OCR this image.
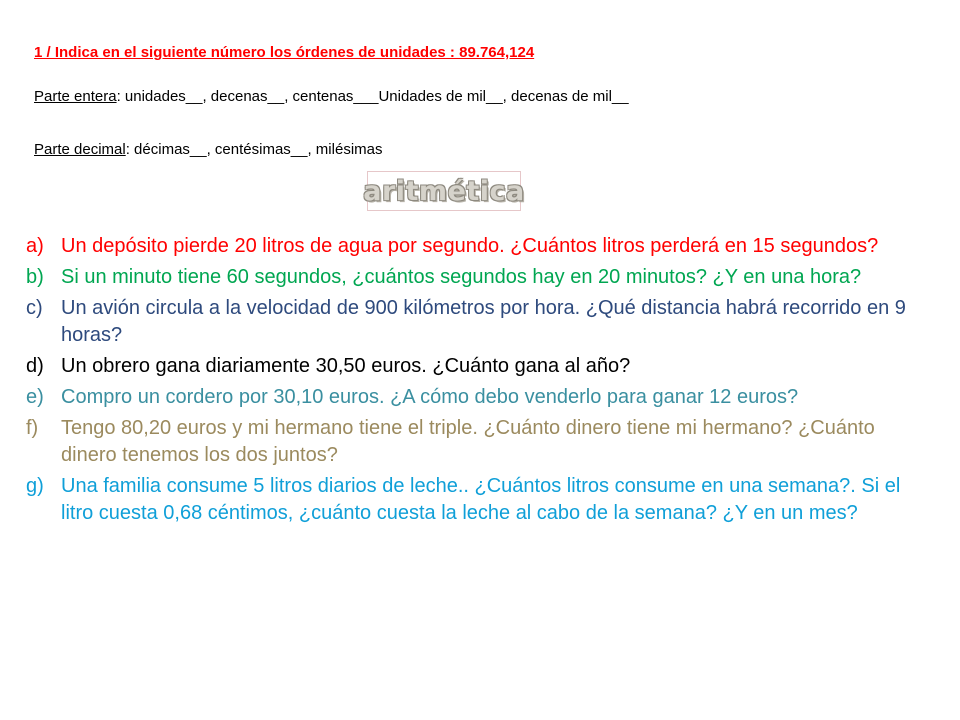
1 / Indica en el siguiente número los órdenes de unidades : 89.764,124
Parte entera: unidades__, decenas__, centenas___Unidades de mil__, decenas de mil__
Parte decimal: décimas__, centésimas__, milésimas
aritmética
a) Un depósito pierde 20 litros de agua por segundo. ¿Cuántos litros perderá en 15 segundos?
b) Si un minuto tiene 60 segundos, ¿cuántos segundos hay en 20 minutos? ¿Y en una hora?
c) Un avión circula a la velocidad de 900 kilómetros por hora. ¿Qué distancia habrá recorrido en 9 horas?
d) Un obrero gana diariamente 30,50 euros. ¿Cuánto gana al año?
e) Compro un cordero por 30,10 euros. ¿A cómo debo venderlo para ganar 12 euros?
f) Tengo 80,20 euros y mi hermano tiene el triple. ¿Cuánto dinero tiene mi hermano? ¿Cuánto dinero tenemos los dos juntos?
g) Una familia consume 5 litros diarios de leche.. ¿Cuántos litros consume en una semana?. Si el litro cuesta 0,68 céntimos, ¿cuánto cuesta la leche al cabo de la semana? ¿Y en un mes?
